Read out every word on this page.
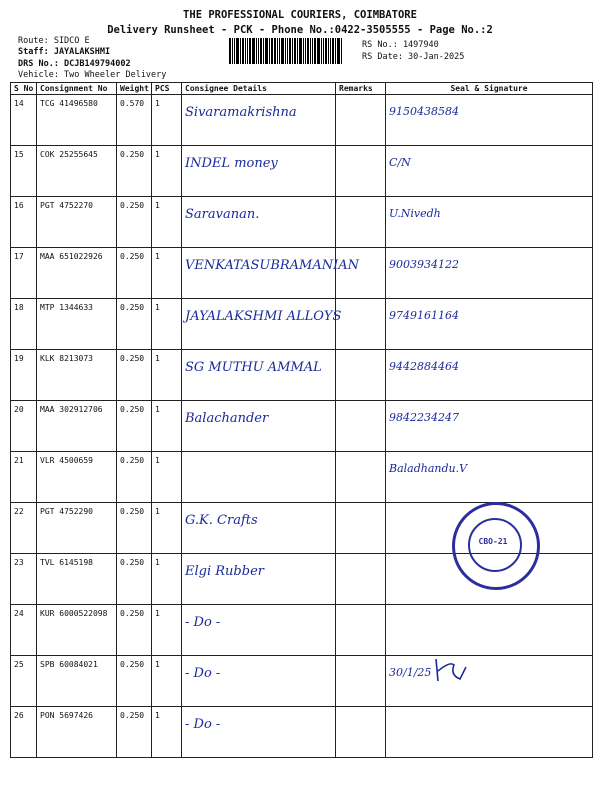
THE PROFESSIONAL COURIERS, COIMBATORE
Delivery Runsheet - PCK - Phone No.:0422-3505555 - Page No.:2
Route: SIDCO E
Staff: JAYALAKSHMI
DRS No.: DCJB149794002
Vehicle: Two Wheeler Delivery
RS No.: 1497940
RS Date: 30-Jan-2025
S No	Consignment No	Weight	PCS	Consignee Details	Remarks	Seal & Signature
14	TCG 41496580	0.570	1	Sivaramakrishna		9150438584
15	COK 25255645	0.250	1	INDEL money		C/N
16	PGT 4752270	0.250	1	Saravanan.		U.Nivedh
17	MAA 651022926	0.250	1	VENKATASUBRAMANIAN		9003934122
18	MTP 1344633	0.250	1	JAYALAKSHMI ALLOYS		9749161164
19	KLK 8213073	0.250	1	SG MUTHU AMMAL		9442884464
20	MAA 302912706	0.250	1	Balachander		9842234247
21	VLR 4500659	0.250	1			Baladhandu.V
22	PGT 4752290	0.250	1	G.K. Crafts		
23	TVL 6145198	0.250	1	Elgi Rubber		
24	KUR 6000522098	0.250	1	- Do -		
25	SPB 60084021	0.250	1	- Do -		30/1/25
26	PON 5697426	0.250	1	- Do -		
CBO-21
